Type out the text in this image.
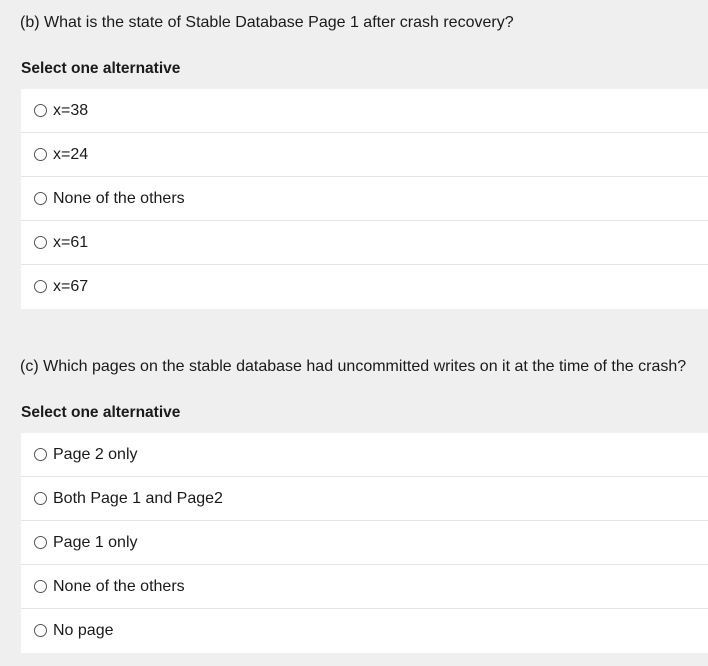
(b) What is the state of Stable Database Page 1 after crash recovery?
Select one alternative
x=38
x=24
None of the others
x=61
x=67
(c) Which pages on the stable database had uncommitted writes on it at the time of the crash?
Select one alternative
Page 2 only
Both Page 1 and Page2
Page 1 only
None of the others
No page
